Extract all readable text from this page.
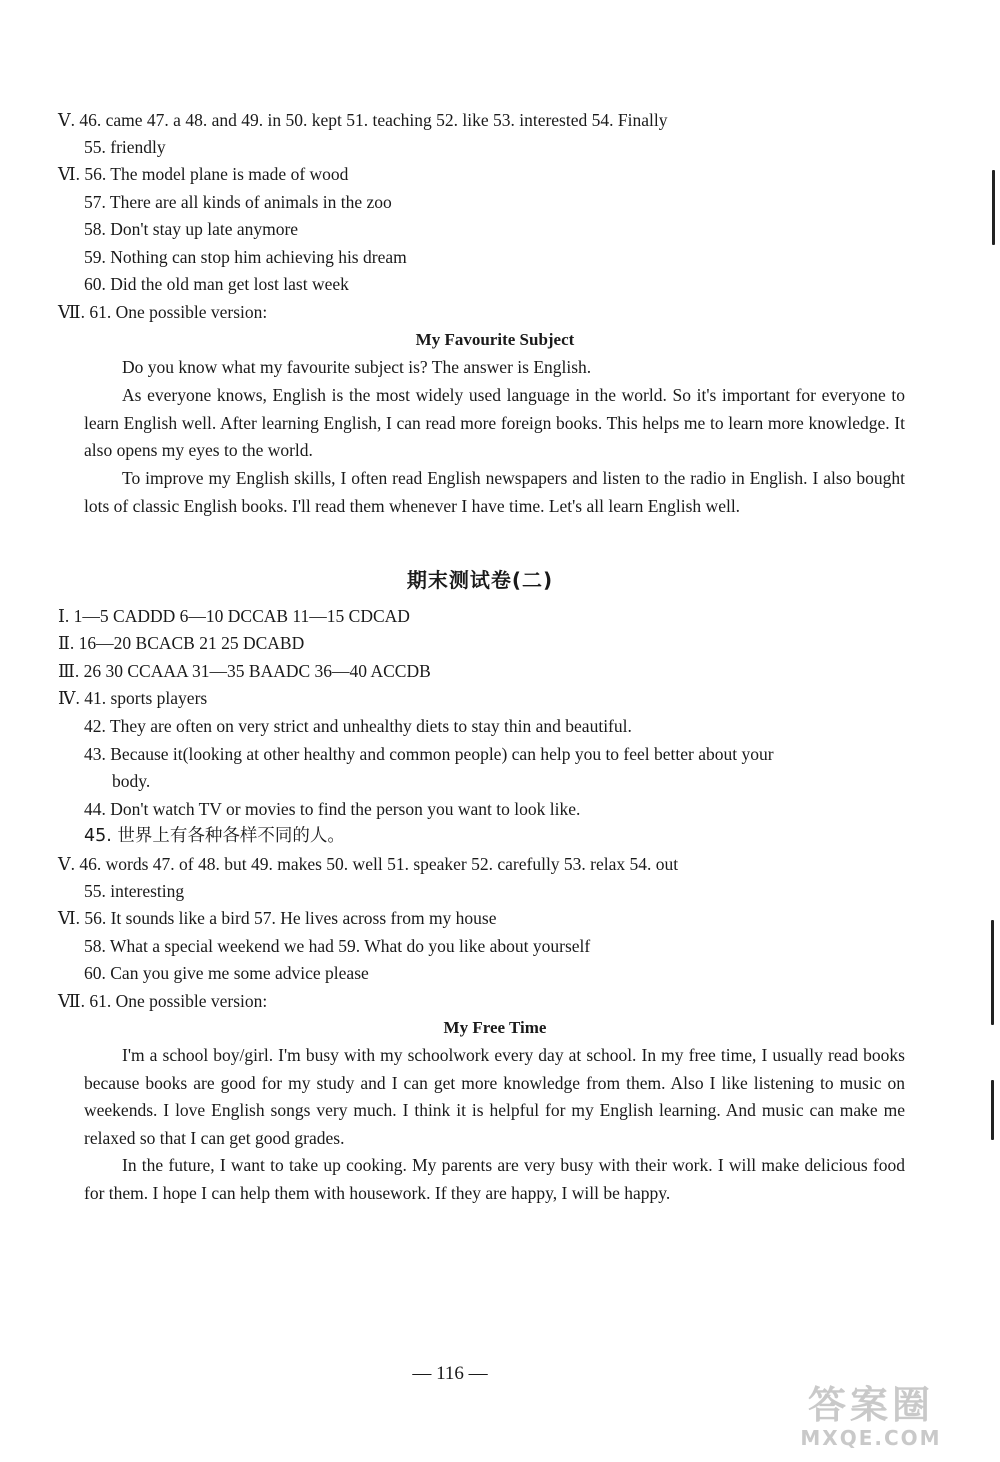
Ⅴ. 46. came 47. a 48. and 49. in 50. kept 51. teaching 52. like 53. interested 54. Finally
55. friendly
Ⅵ. 56. The model plane is made of wood
57. There are all kinds of animals in the zoo
58. Don't stay up late anymore
59. Nothing can stop him achieving his dream
60. Did the old man get lost last week
Ⅶ. 61. One possible version:
My Favourite Subject

Do you know what my favourite subject is? The answer is English.

As everyone knows, English is the most widely used language in the world. So it's important for everyone to learn English well. After learning English, I can read more foreign books. This helps me to learn more knowledge. It also opens my eyes to the world.

To improve my English skills, I often read English newspapers and listen to the radio in English. I also bought lots of classic English books. I'll read them whenever I have time. Let's all learn English well.

期末测试卷(二)
Ⅰ. 1—5 CADDD 6—10 DCCAB 11—15 CDCAD
Ⅱ. 16—20 BCACB 21 25 DCABD
Ⅲ. 26 30 CCAAA 31—35 BAADC 36—40 ACCDB
Ⅳ. 41. sports players
42. They are often on very strict and unhealthy diets to stay thin and beautiful.
43. Because it(looking at other healthy and common people) can help you to feel better about your
body.
44. Don't watch TV or movies to find the person you want to look like.
45. 世界上有各种各样不同的人。
Ⅴ. 46. words 47. of 48. but 49. makes 50. well 51. speaker 52. carefully 53. relax 54. out
55. interesting
Ⅵ. 56. It sounds like a bird 57. He lives across from my house
58. What a special weekend we had 59. What do you like about yourself
60. Can you give me some advice please
Ⅶ. 61. One possible version:
My Free Time

I'm a school boy/girl. I'm busy with my schoolwork every day at school. In my free time, I usually read books because books are good for my study and I can get more knowledge from them. Also I like listening to music on weekends. I love English songs very much. I think it is helpful for my English learning. And music can make me relaxed so that I can get good grades.

In the future, I want to take up cooking. My parents are very busy with their work. I will make delicious food for them. I hope I can help them with housework. If they are happy, I will be happy.

— 116 —
答案圈
MXQE.COM
